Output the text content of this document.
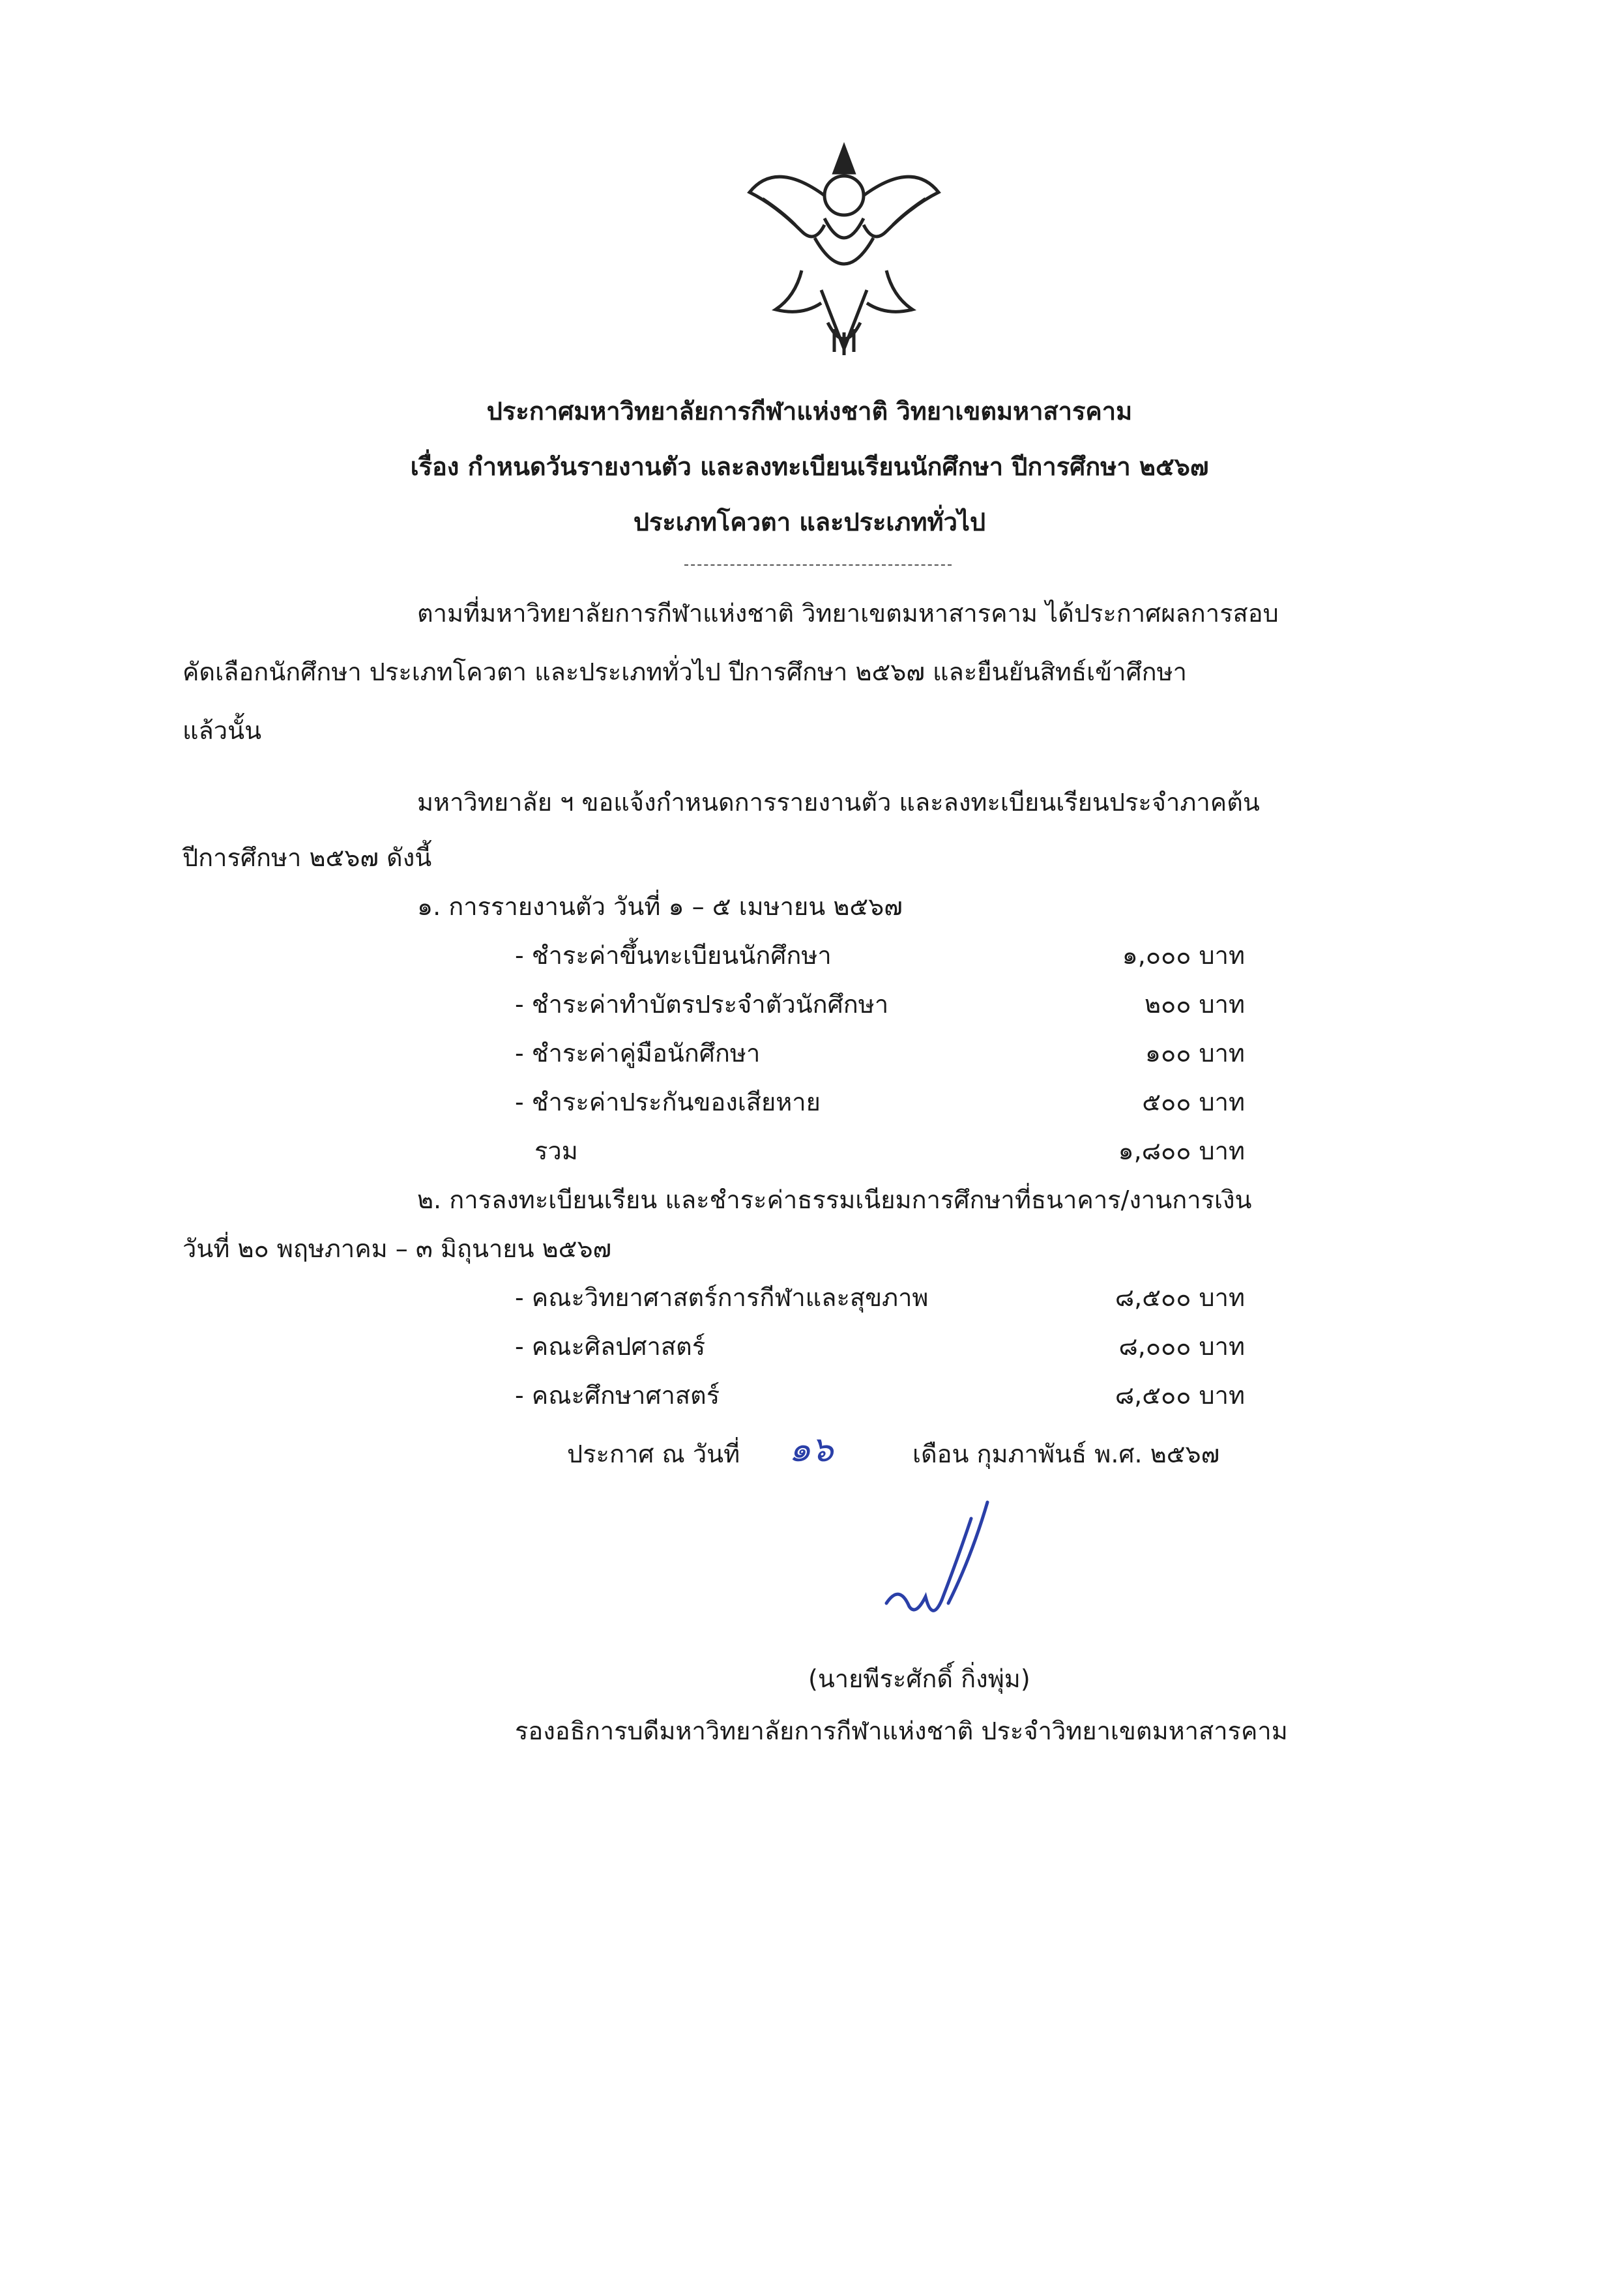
ประกาศมหาวิทยาลัยการกีฬาแห่งชาติ วิทยาเขตมหาสารคาม
เรื่อง กำหนดวันรายงานตัว และลงทะเบียนเรียนนักศึกษา ปีการศึกษา ๒๕๖๗
ประเภทโควตา และประเภททั่วไป
ตามที่มหาวิทยาลัยการกีฬาแห่งชาติ วิทยาเขตมหาสารคาม ได้ประกาศผลการสอบ
คัดเลือกนักศึกษา ประเภทโควตา และประเภททั่วไป ปีการศึกษา ๒๕๖๗ และยืนยันสิทธ์เข้าศึกษา
แล้วนั้น
มหาวิทยาลัย ฯ ขอแจ้งกำหนดการรายงานตัว และลงทะเบียนเรียนประจำภาคต้น
ปีการศึกษา ๒๕๖๗ ดังนี้
๑. การรายงานตัว วันที่ ๑ – ๕ เมษายน ๒๕๖๗
- ชำระค่าขึ้นทะเบียนนักศึกษา	๑,๐๐๐ บาท
- ชำระค่าทำบัตรประจำตัวนักศึกษา	๒๐๐ บาท
- ชำระค่าคู่มือนักศึกษา	๑๐๐ บาท
- ชำระค่าประกันของเสียหาย	๕๐๐ บาท
รวม	๑,๘๐๐ บาท
๒. การลงทะเบียนเรียน และชำระค่าธรรมเนียมการศึกษาที่ธนาคาร/งานการเงิน
วันที่ ๒๐ พฤษภาคม – ๓ มิถุนายน ๒๕๖๗
- คณะวิทยาศาสตร์การกีฬาและสุขภาพ	๘,๕๐๐ บาท
- คณะศิลปศาสตร์	๘,๐๐๐ บาท
- คณะศึกษาศาสตร์	๘,๕๐๐ บาท
ประกาศ ณ วันที่ ๑๖	เดือน กุมภาพันธ์ พ.ศ. ๒๕๖๗
(นายพีระศักดิ์ กิ่งพุ่ม)
รองอธิการบดีมหาวิทยาลัยการกีฬาแห่งชาติ ประจำวิทยาเขตมหาสารคาม
